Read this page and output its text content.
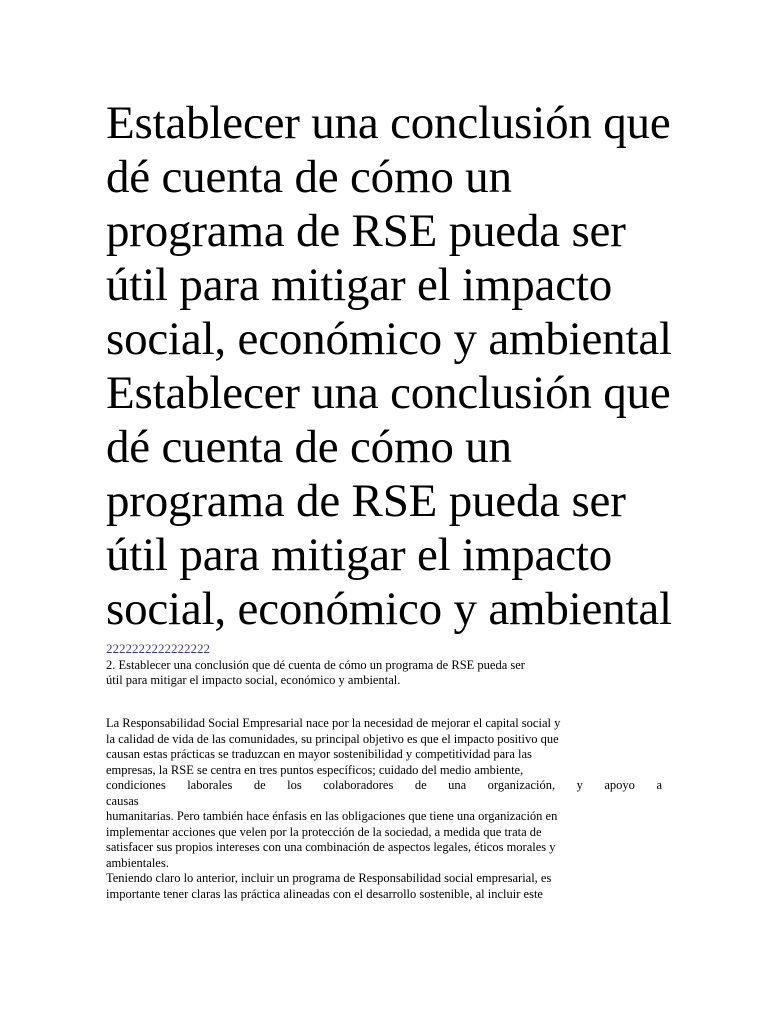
Establecer una conclusión que
dé cuenta de cómo un
programa de RSE pueda ser
útil para mitigar el impacto
social, económico y ambiental
Establecer una conclusión que
dé cuenta de cómo un
programa de RSE pueda ser
útil para mitigar el impacto
social, económico y ambiental
2222222222222222
2. Establecer una conclusión que dé cuenta de cómo un programa de RSE pueda ser
útil para mitigar el impacto social, económico y ambiental.
La Responsabilidad Social Empresarial nace por la necesidad de mejorar el capital social y
la calidad de vida de las comunidades, su principal objetivo es que el impacto positivo que
causan estas prácticas se traduzcan en mayor sostenibilidad y competitividad para las
empresas, la RSE se centra en tres puntos específicos; cuidado del medio ambiente,
condiciones laborales de los colaboradores de una organización, y apoyo a
causas
humanitarias. Pero también hace énfasis en las obligaciones que tiene una organización en
implementar acciones que velen por la protección de la sociedad, a medida que trata de
satisfacer sus propios intereses con una combinación de aspectos legales, éticos morales y
ambientales.
Teniendo claro lo anterior, incluir un programa de Responsabilidad social empresarial, es
importante tener claras las práctica alineadas con el desarrollo sostenible, al incluir este
